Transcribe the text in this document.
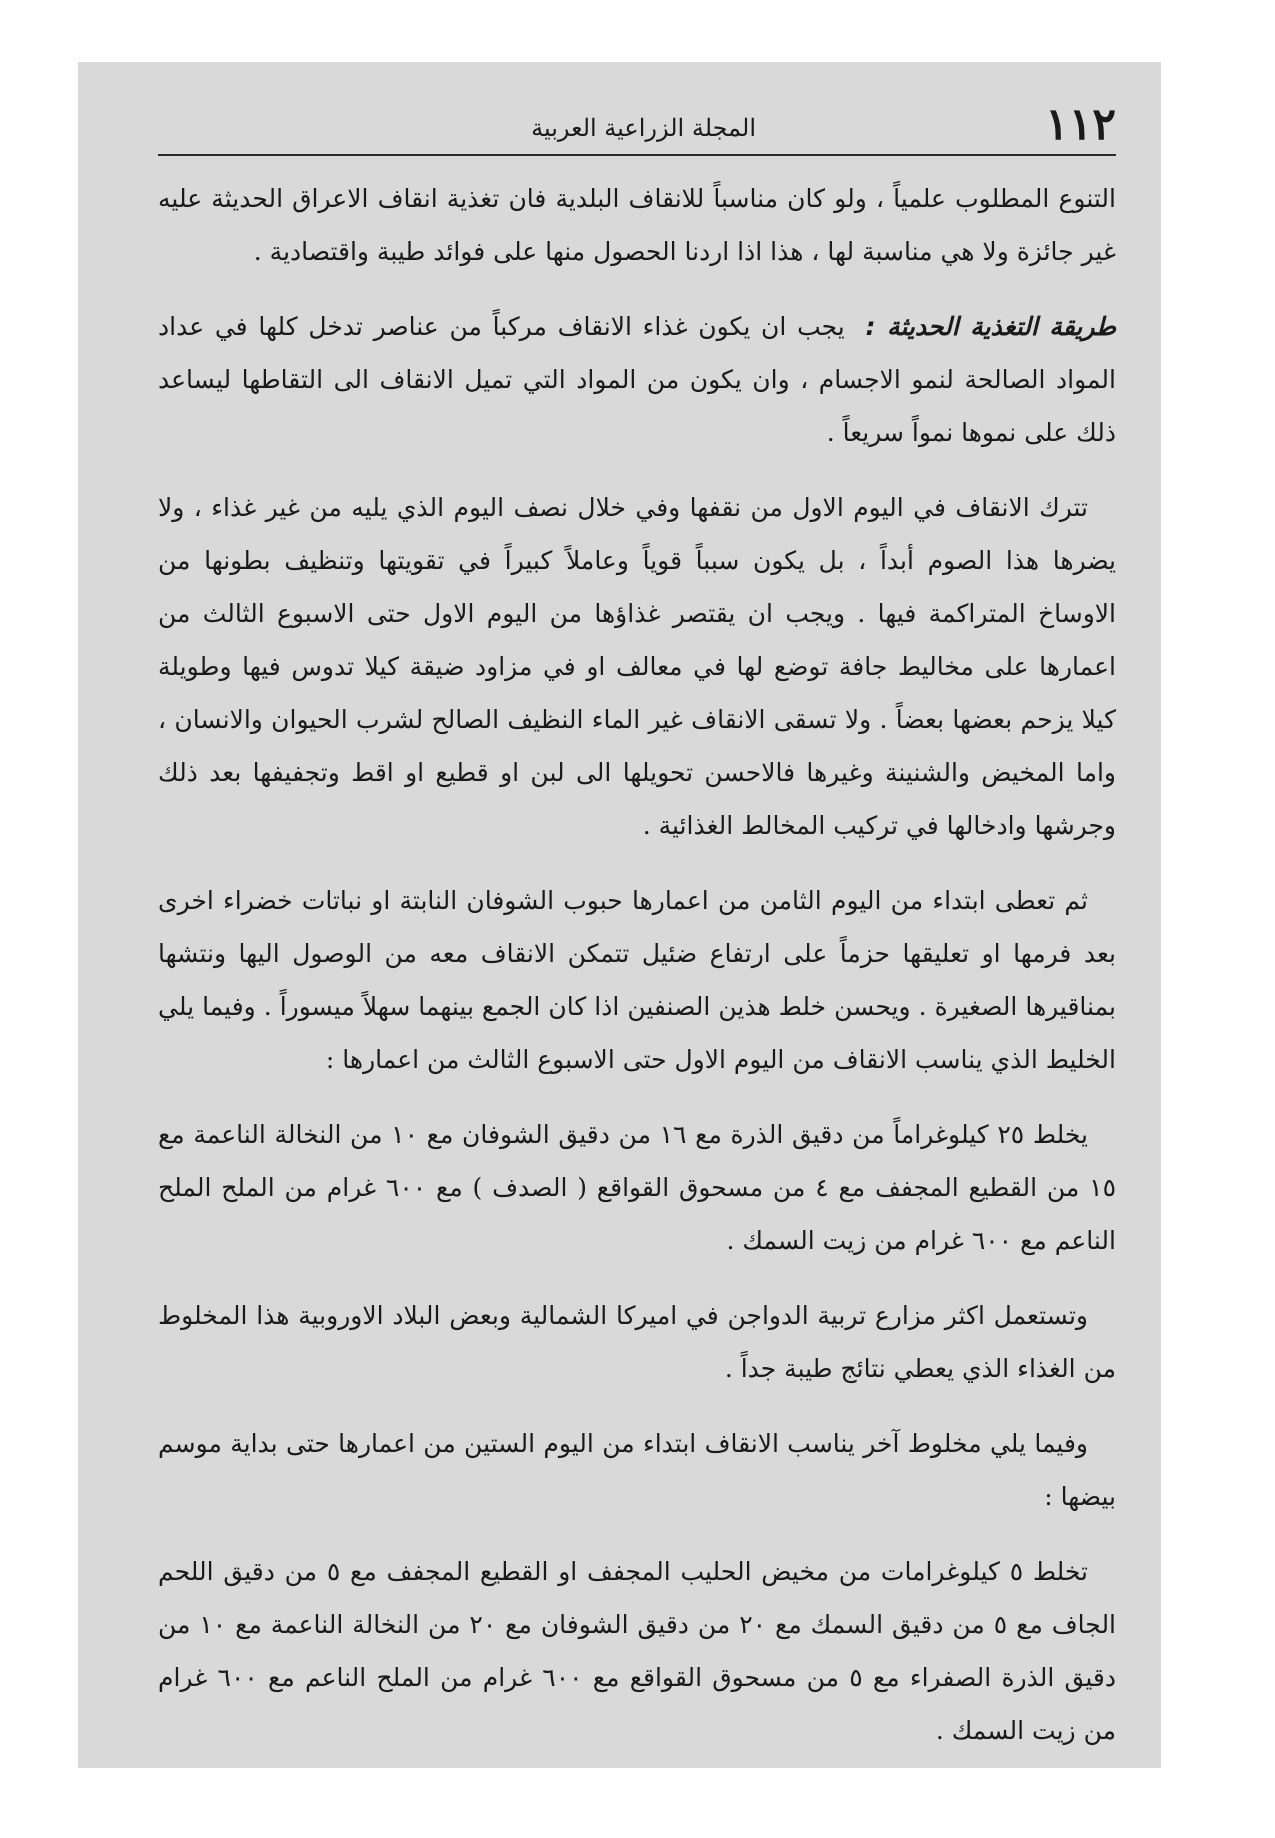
١١٢
المجلة الزراعية العربية

التنوع المطلوب علمياً ، ولو كان مناسباً للانقاف البلدية فان تغذية انقاف الاعراق الحديثة عليه غير جائزة ولا هي مناسبة لها ، هذا اذا اردنا الحصول منها على فوائد طيبة واقتصادية .

طريقة التغذية الحديثة : يجب ان يكون غذاء الانقاف مركباً من عناصر تدخل كلها في عداد المواد الصالحة لنمو الاجسام ، وان يكون من المواد التي تميل الانقاف الى التقاطها ليساعد ذلك على نموها نمواً سريعاً .

تترك الانقاف في اليوم الاول من نقفها وفي خلال نصف اليوم الذي يليه من غير غذاء ، ولا يضرها هذا الصوم أبداً ، بل يكون سبباً قوياً وعاملاً كبيراً في تقويتها وتنظيف بطونها من الاوساخ المتراكمة فيها . ويجب ان يقتصر غذاؤها من اليوم الاول حتى الاسبوع الثالث من اعمارها على مخاليط جافة توضع لها في معالف او في مزاود ضيقة كيلا تدوس فيها وطويلة كيلا يزحم بعضها بعضاً . ولا تسقى الانقاف غير الماء النظيف الصالح لشرب الحيوان والانسان ، واما المخيض والشنينة وغيرها فالاحسن تحويلها الى لبن او قطيع او اقط وتجفيفها بعد ذلك وجرشها وادخالها في تركيب المخالط الغذائية .

ثم تعطى ابتداء من اليوم الثامن من اعمارها حبوب الشوفان النابتة او نباتات خضراء اخرى بعد فرمها او تعليقها حزماً على ارتفاع ضئيل تتمكن الانقاف معه من الوصول اليها ونتشها بمناقيرها الصغيرة . ويحسن خلط هذين الصنفين اذا كان الجمع بينهما سهلاً ميسوراً . وفيما يلي الخليط الذي يناسب الانقاف من اليوم الاول حتى الاسبوع الثالث من اعمارها :

يخلط ٢٥ كيلوغراماً من دقيق الذرة مع ١٦ من دقيق الشوفان مع ١٠ من النخالة الناعمة مع ١٥ من القطيع المجفف مع ٤ من مسحوق القواقع ( الصدف ) مع ٦٠٠ غرام من الملح الملح الناعم مع ٦٠٠ غرام من زيت السمك .

وتستعمل اكثر مزارع تربية الدواجن في اميركا الشمالية وبعض البلاد الاوروبية هذا المخلوط من الغذاء الذي يعطي نتائج طيبة جداً .

وفيما يلي مخلوط آخر يناسب الانقاف ابتداء من اليوم الستين من اعمارها حتى بداية موسم بيضها :

تخلط ٥ كيلوغرامات من مخيض الحليب المجفف او القطيع المجفف مع ٥ من دقيق اللحم الجاف مع ٥ من دقيق السمك مع ٢٠ من دقيق الشوفان مع ٢٠ من النخالة الناعمة مع ١٠ من دقيق الذرة الصفراء مع ٥ من مسحوق القواقع مع ٦٠٠ غرام من الملح الناعم مع ٦٠٠ غرام من زيت السمك .
